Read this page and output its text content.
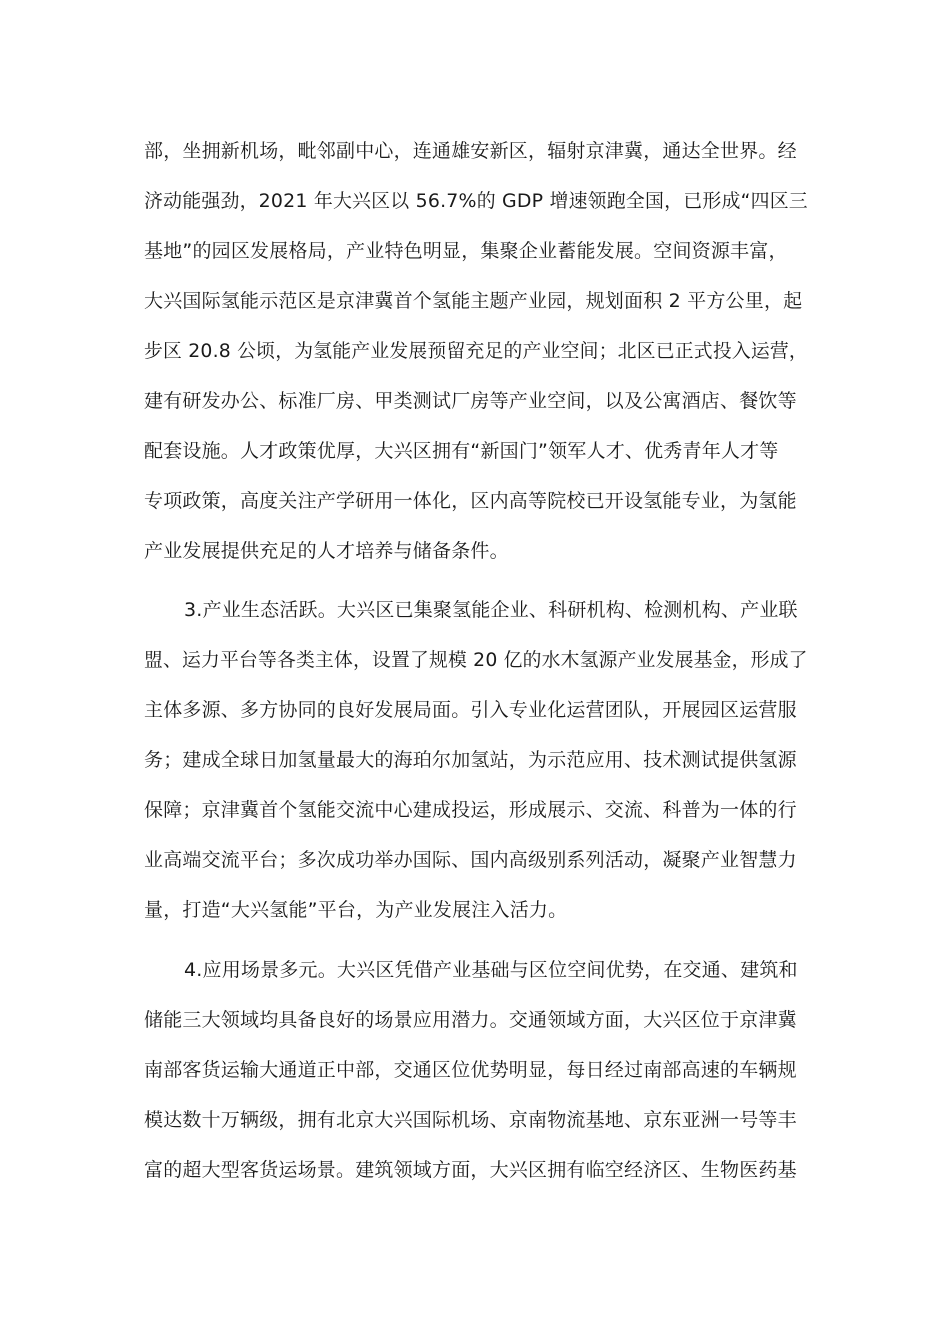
部，坐拥新机场，毗邻副中心，连通雄安新区，辐射京津冀，通达全世界。经
济动能强劲，2021 年大兴区以 56.7%的 GDP 增速领跑全国，已形成“四区三
基地”的园区发展格局，产业特色明显，集聚企业蓄能发展。空间资源丰富，
大兴国际氢能示范区是京津冀首个氢能主题产业园，规划面积 2 平方公里，起
步区 20.8 公顷，为氢能产业发展预留充足的产业空间；北区已正式投入运营，
建有研发办公、标准厂房、甲类测试厂房等产业空间，以及公寓酒店、餐饮等
配套设施。人才政策优厚，大兴区拥有“新国门”领军人才、优秀青年人才等
专项政策，高度关注产学研用一体化，区内高等院校已开设氢能专业，为氢能
产业发展提供充足的人才培养与储备条件。
3.产业生态活跃。大兴区已集聚氢能企业、科研机构、检测机构、产业联
盟、运力平台等各类主体，设置了规模 20 亿的水木氢源产业发展基金，形成了
主体多源、多方协同的良好发展局面。引入专业化运营团队，开展园区运营服
务；建成全球日加氢量最大的海珀尔加氢站，为示范应用、技术测试提供氢源
保障；京津冀首个氢能交流中心建成投运，形成展示、交流、科普为一体的行
业高端交流平台；多次成功举办国际、国内高级别系列活动，凝聚产业智慧力
量，打造“大兴氢能”平台，为产业发展注入活力。
4.应用场景多元。大兴区凭借产业基础与区位空间优势，在交通、建筑和
储能三大领域均具备良好的场景应用潜力。交通领域方面，大兴区位于京津冀
南部客货运输大通道正中部，交通区位优势明显，每日经过南部高速的车辆规
模达数十万辆级，拥有北京大兴国际机场、京南物流基地、京东亚洲一号等丰
富的超大型客货运场景。建筑领域方面，大兴区拥有临空经济区、生物医药基
